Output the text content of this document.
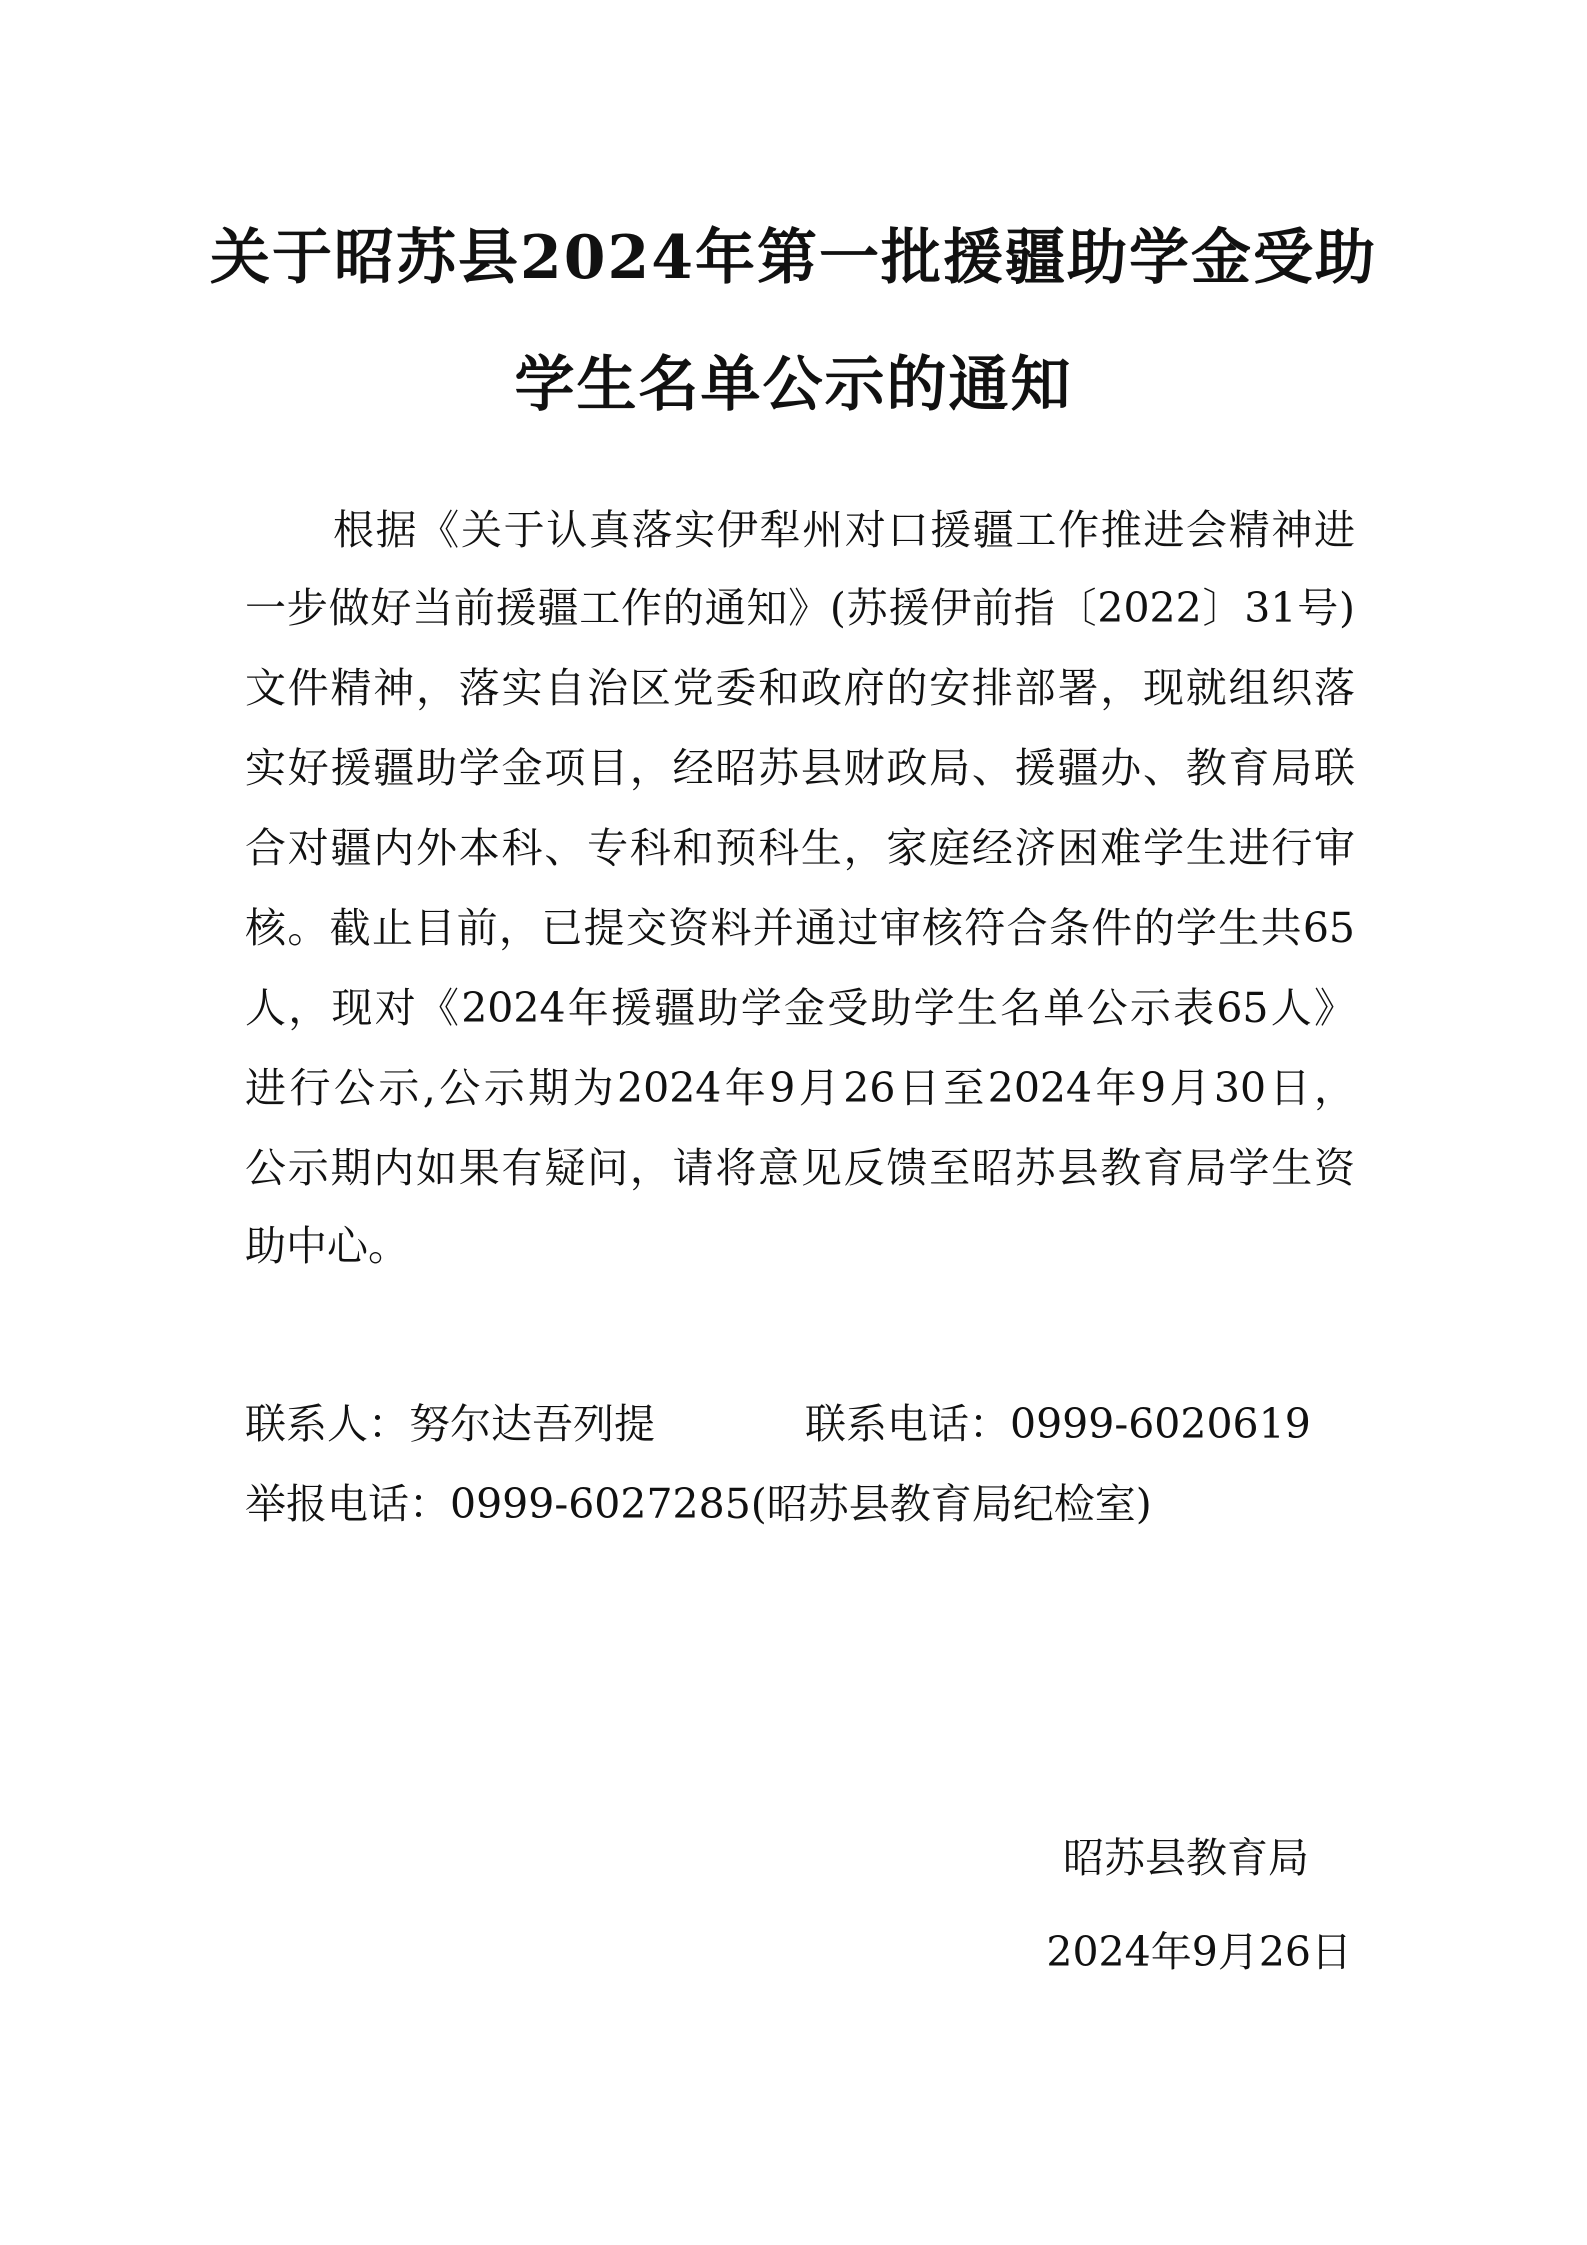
关于昭苏县2024年第一批援疆助学金受助
学生名单公示的通知

根据《关于认真落实伊犁州对口援疆工作推进会精神进

一步做好当前援疆工作的通知》(苏援伊前指〔2022〕31号)

文件精神，落实自治区党委和政府的安排部署，现就组织落

实好援疆助学金项目，经昭苏县财政局、援疆办、教育局联

合对疆内外本科、专科和预科生，家庭经济困难学生进行审

核。截止目前，已提交资料并通过审核符合条件的学生共65

人，现对《2024年援疆助学金受助学生名单公示表65人》

进行公示,公示期为2024年9月26日至2024年9月30日，

公示期内如果有疑问，请将意见反馈至昭苏县教育局学生资

助中心。

联系人：努尔达吾列提	联系电话：0999-6020619

举报电话：0999-6027285(昭苏县教育局纪检室)

昭苏县教育局

2024年9月26日
